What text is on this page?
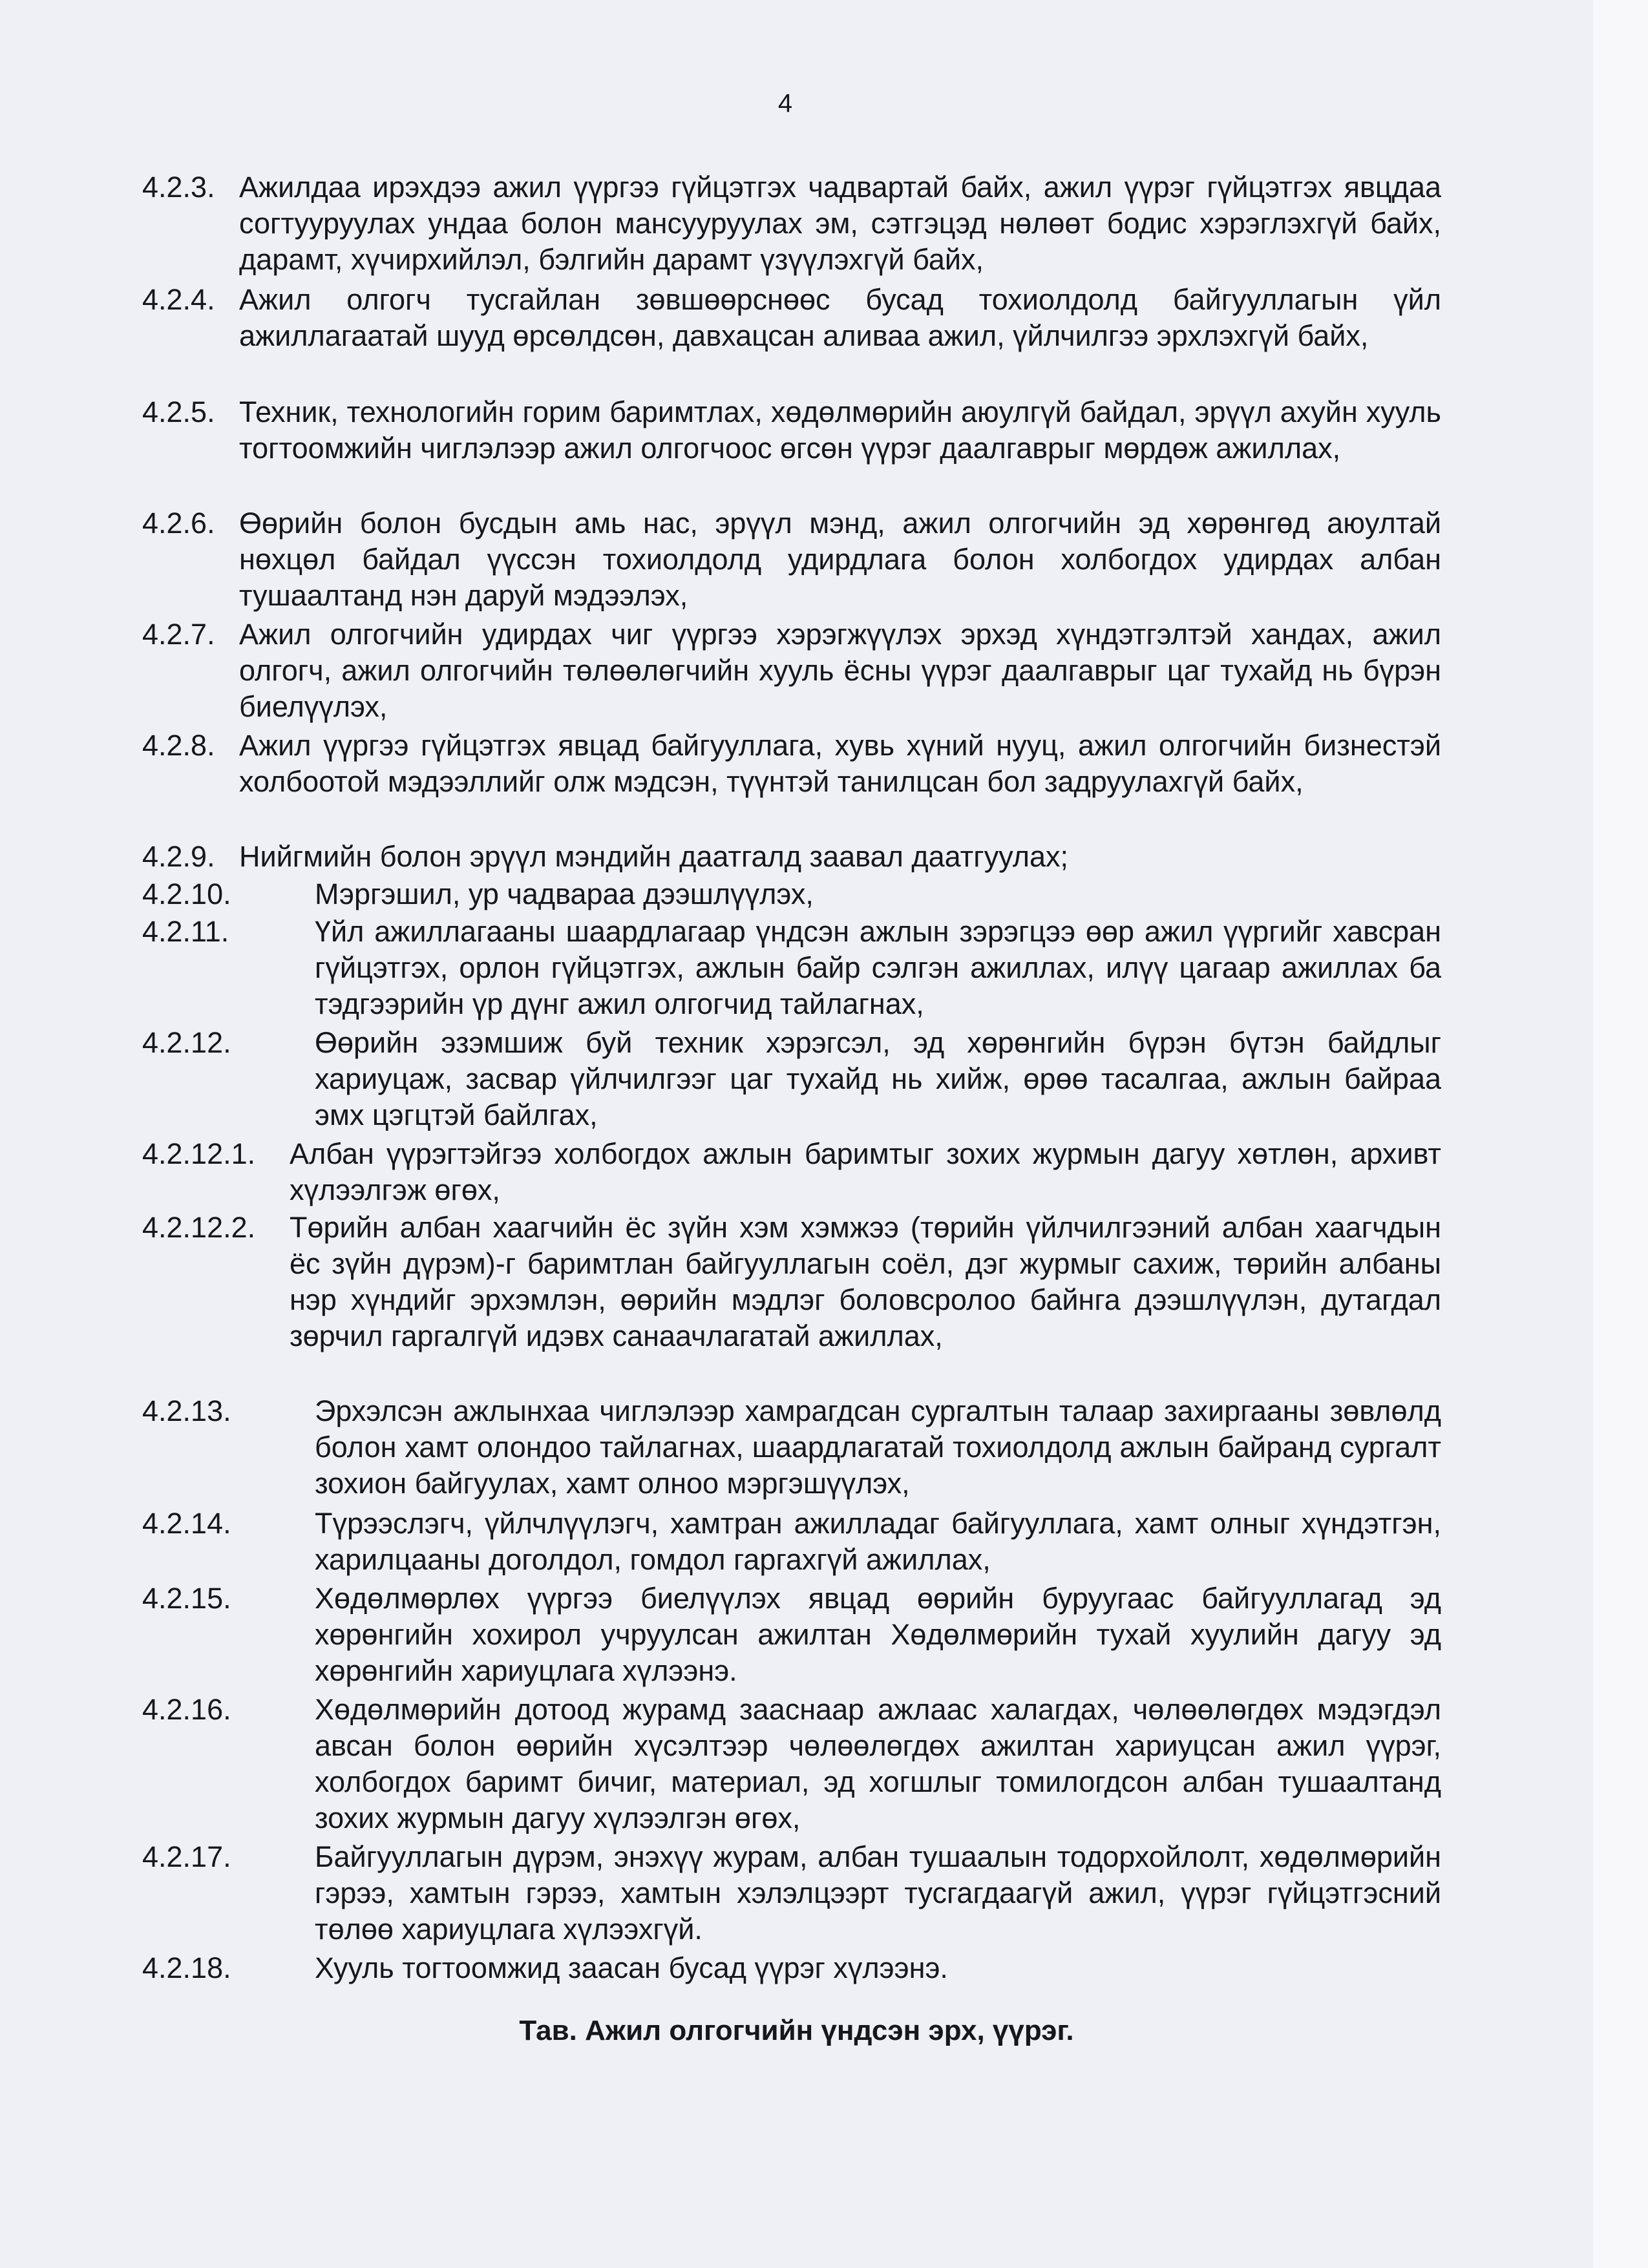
4
4.2.3. Ажилдаа ирэхдээ ажил үүргээ гүйцэтгэх чадвартай байх, ажил үүрэг гүйцэтгэх явцдаа согтууруулах ундаа болон мансууруулах эм, сэтгэцэд нөлөөт бодис хэрэглэхгүй байх, дарамт, хүчирхийлэл, бэлгийн дарамт үзүүлэхгүй байх,

4.2.4. Ажил олгогч тусгайлан зөвшөөрснөөс бусад тохиолдолд байгууллагын үйл ажиллагаатай шууд өрсөлдсөн, давхацсан аливаа ажил, үйлчилгээ эрхлэхгүй байх,

4.2.5. Техник, технологийн горим баримтлах, хөдөлмөрийн аюулгүй байдал, эрүүл ахуйн хууль тогтоомжийн чиглэлээр ажил олгогчоос өгсөн үүрэг даалгаврыг мөрдөж ажиллах,

4.2.6. Өөрийн болон бусдын амь нас, эрүүл мэнд, ажил олгогчийн эд хөрөнгөд аюултай нөхцөл байдал үүссэн тохиолдолд удирдлага болон холбогдох удирдах албан тушаалтанд нэн даруй мэдээлэх,

4.2.7. Ажил олгогчийн удирдах чиг үүргээ хэрэгжүүлэх эрхэд хүндэтгэлтэй хандах, ажил олгогч, ажил олгогчийн төлөөлөгчийн хууль ёсны үүрэг даалгаврыг цаг тухайд нь бүрэн биелүүлэх,

4.2.8. Ажил үүргээ гүйцэтгэх явцад байгууллага, хувь хүний нууц, ажил олгогчийн бизнестэй холбоотой мэдээллийг олж мэдсэн, түүнтэй танилцсан бол задруулахгүй байх,

4.2.9. Нийгмийн болон эрүүл мэндийн даатгалд заавал даатгуулах;

4.2.10.	Мэргэшил, ур чадвараа дээшлүүлэх,

4.2.11.	Үйл ажиллагааны шаардлагаар үндсэн ажлын зэрэгцээ өөр ажил үүргийг хавсран гүйцэтгэх, орлон гүйцэтгэх, ажлын байр сэлгэн ажиллах, илүү цагаар ажиллах ба тэдгээрийн үр дүнг ажил олгогчид тайлагнах,

4.2.12.	Өөрийн эзэмшиж буй техник хэрэгсэл, эд хөрөнгийн бүрэн бүтэн байдлыг хариуцаж, засвар үйлчилгээг цаг тухайд нь хийж, өрөө тасалгаа, ажлын байраа эмх цэгцтэй байлгах,

4.2.12.1. Албан үүрэгтэйгээ холбогдох ажлын баримтыг зохих журмын дагуу хөтлөн, архивт хүлээлгэж өгөх,

4.2.12.2. Төрийн албан хаагчийн ёс зүйн хэм хэмжээ (төрийн үйлчилгээний албан хаагчдын ёс зүйн дүрэм)-г баримтлан байгууллагын соёл, дэг журмыг сахиж, төрийн албаны нэр хүндийг эрхэмлэн, өөрийн мэдлэг боловсролоо байнга дээшлүүлэн, дутагдал зөрчил гаргалгүй идэвх санаачлагатай ажиллах,

4.2.13.	Эрхэлсэн ажлынхаа чиглэлээр хамрагдсан сургалтын талаар захиргааны зөвлөлд болон хамт олондоо тайлагнах, шаардлагатай тохиолдолд ажлын байранд сургалт зохион байгуулах, хамт олноо мэргэшүүлэх,

4.2.14.	Түрээслэгч, үйлчлүүлэгч, хамтран ажилладаг байгууллага, хамт олныг хүндэтгэн, харилцааны доголдол, гомдол гаргахгүй ажиллах,

4.2.15.	Хөдөлмөрлөх үүргээ биелүүлэх явцад өөрийн буруугаас байгууллагад эд хөрөнгийн хохирол учруулсан ажилтан Хөдөлмөрийн тухай хуулийн дагуу эд хөрөнгийн хариуцлага хүлээнэ.

4.2.16.	Хөдөлмөрийн дотоод журамд зааснаар ажлаас халагдах, чөлөөлөгдөх мэдэгдэл авсан болон өөрийн хүсэлтээр чөлөөлөгдөх ажилтан хариуцсан ажил үүрэг, холбогдох баримт бичиг, материал, эд хогшлыг томилогдсон албан тушаалтанд зохих журмын дагуу хүлээлгэн өгөх,

4.2.17.	Байгууллагын дүрэм, энэхүү журам, албан тушаалын тодорхойлолт, хөдөлмөрийн гэрээ, хамтын гэрээ, хамтын хэлэлцээрт тусгагдаагүй ажил, үүрэг гүйцэтгэсний төлөө хариуцлага хүлээхгүй.

4.2.18.	Хууль тогтоомжид заасан бусад үүрэг хүлээнэ.

Тав. Ажил олгогчийн үндсэн эрх, үүрэг.
